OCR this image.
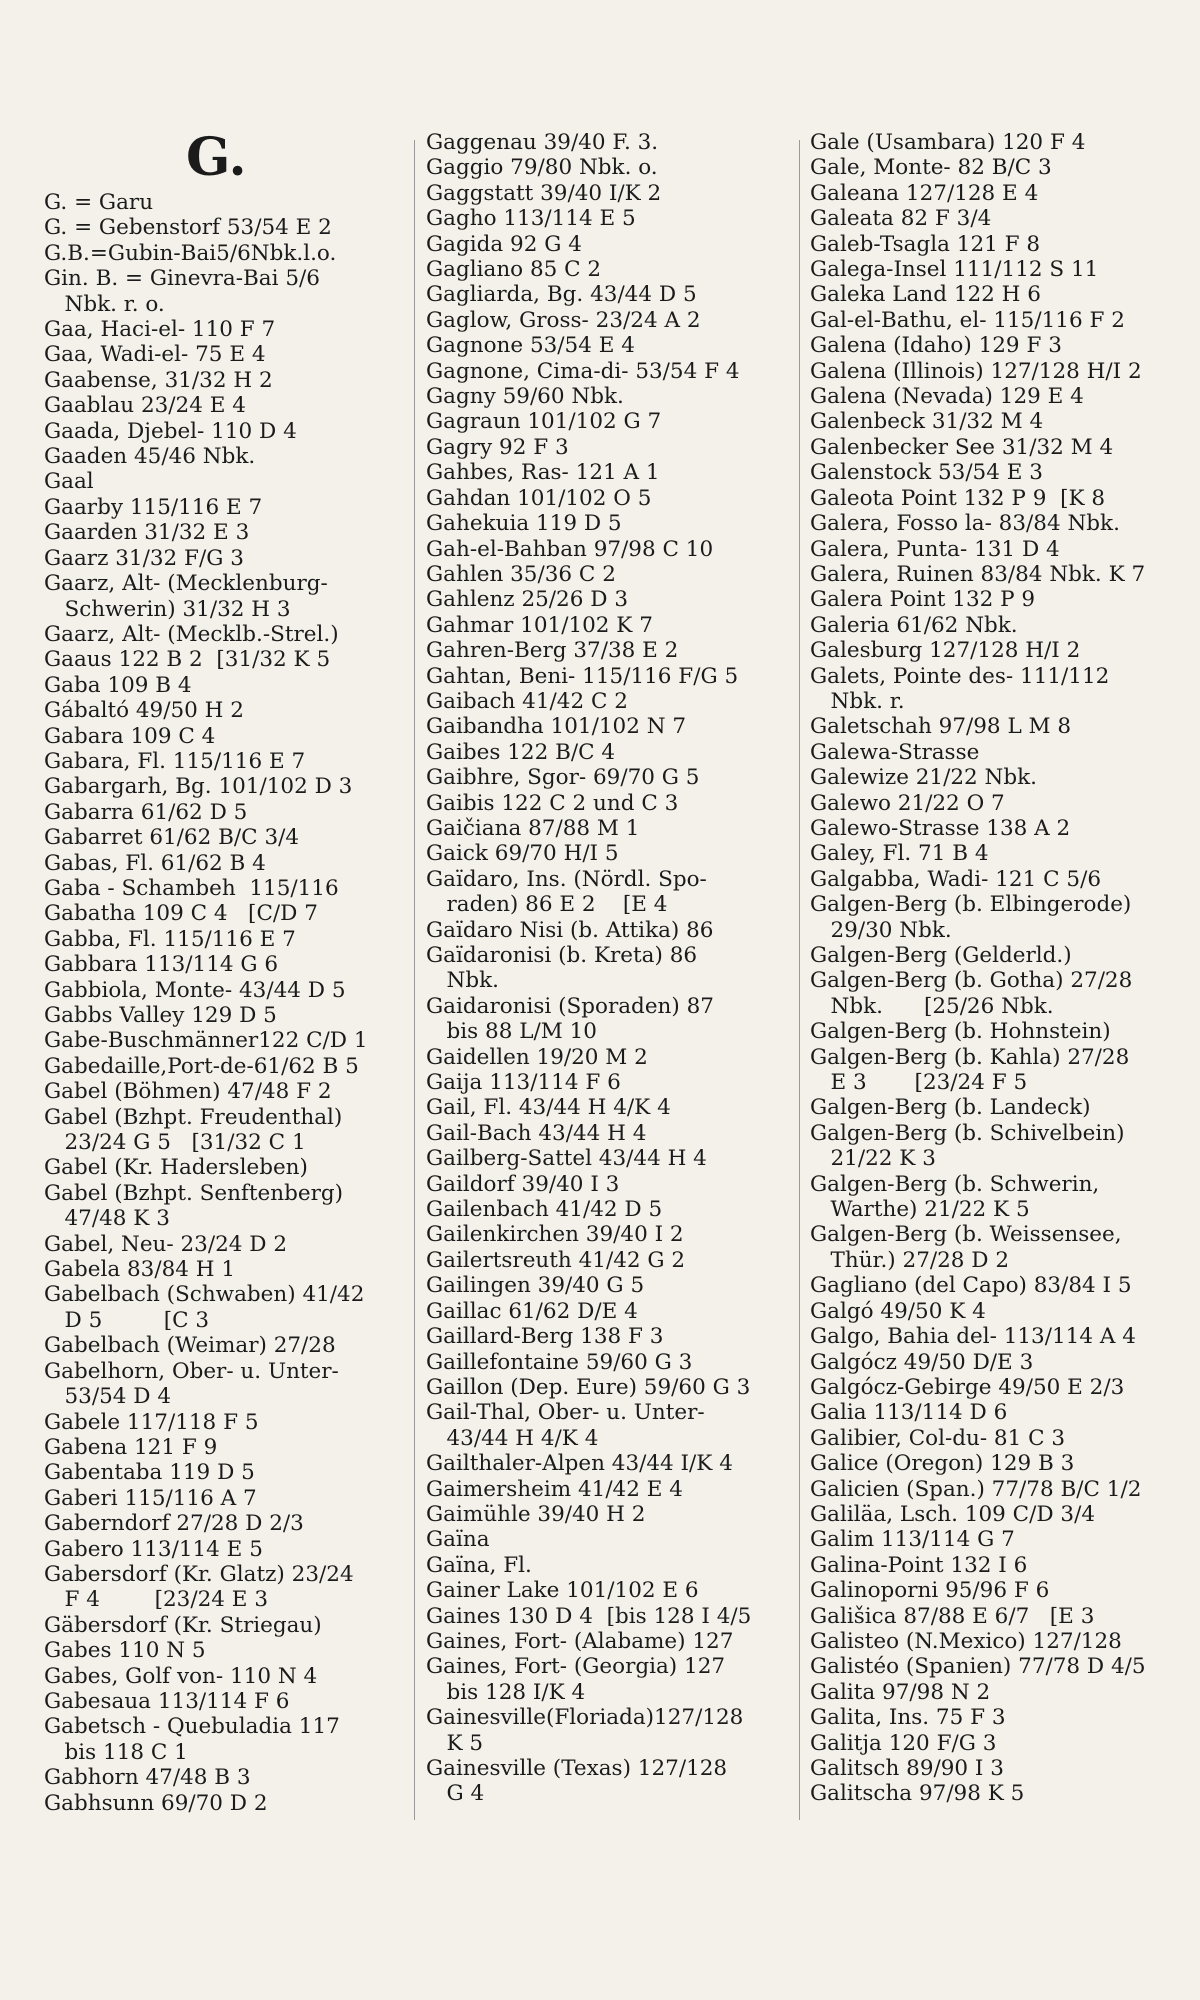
G.
G. = Garu
G. = Gebenstorf 53/54 E 2
G.B.=Gubin-Bai5/6Nbk.l.o.
Gin. B. = Ginevra-Bai 5/6
Nbk. r. o.
Gaa, Haci-el- 110 F 7
Gaa, Wadi-el- 75 E 4
Gaabense, 31/32 H 2
Gaablau 23/24 E 4
Gaada, Djebel- 110 D 4
Gaaden 45/46 Nbk.
Gaal
Gaarby 115/116 E 7
Gaarden 31/32 E 3
Gaarz 31/32 F/G 3
Gaarz, Alt- (Mecklenburg-
Schwerin) 31/32 H 3
Gaarz, Alt- (Mecklb.-Strel.)
Gaaus 122 B 2  [31/32 K 5
Gaba 109 B 4
Gábaltó 49/50 H 2
Gabara 109 C 4
Gabara, Fl. 115/116 E 7
Gabargarh, Bg. 101/102 D 3
Gabarra 61/62 D 5
Gabarret 61/62 B/C 3/4
Gabas, Fl. 61/62 B 4
Gaba - Schambeh  115/116
Gabatha 109 C 4   [C/D 7
Gabba, Fl. 115/116 E 7
Gabbara 113/114 G 6
Gabbiola, Monte- 43/44 D 5
Gabbs Valley 129 D 5
Gabe-Buschmänner122 C/D 1
Gabedaille,Port-de-61/62 B 5
Gabel (Böhmen) 47/48 F 2
Gabel (Bzhpt. Freudenthal)
23/24 G 5   [31/32 C 1
Gabel (Kr. Hadersleben)
Gabel (Bzhpt. Senftenberg)
47/48 K 3
Gabel, Neu- 23/24 D 2
Gabela 83/84 H 1
Gabelbach (Schwaben) 41/42
D 5         [C 3
Gabelbach (Weimar) 27/28
Gabelhorn, Ober- u. Unter-
53/54 D 4
Gabele 117/118 F 5
Gabena 121 F 9
Gabentaba 119 D 5
Gaberi 115/116 A 7
Gaberndorf 27/28 D 2/3
Gabero 113/114 E 5
Gabersdorf (Kr. Glatz) 23/24
F 4        [23/24 E 3
Gäbersdorf (Kr. Striegau)
Gabes 110 N 5
Gabes, Golf von- 110 N 4
Gabesaua 113/114 F 6
Gabetsch - Quebuladia 117
bis 118 C 1
Gabhorn 47/48 B 3
Gabhsunn 69/70 D 2
Gaggenau 39/40 F. 3.
Gaggio 79/80 Nbk. o.
Gaggstatt 39/40 I/K 2
Gagho 113/114 E 5
Gagida 92 G 4
Gagliano 85 C 2
Gagliarda, Bg. 43/44 D 5
Gaglow, Gross- 23/24 A 2
Gagnone 53/54 E 4
Gagnone, Cima-di- 53/54 F 4
Gagny 59/60 Nbk.
Gagraun 101/102 G 7
Gagry 92 F 3
Gahbes, Ras- 121 A 1
Gahdan 101/102 O 5
Gahekuia 119 D 5
Gah-el-Bahban 97/98 C 10
Gahlen 35/36 C 2
Gahlenz 25/26 D 3
Gahmar 101/102 K 7
Gahren-Berg 37/38 E 2
Gahtan, Beni- 115/116 F/G 5
Gaibach 41/42 C 2
Gaibandha 101/102 N 7
Gaibes 122 B/C 4
Gaibhre, Sgor- 69/70 G 5
Gaibis 122 C 2 und C 3
Gaičiana 87/88 M 1
Gaick 69/70 H/I 5
Gaïdaro, Ins. (Nördl. Spo-
raden) 86 E 2    [E 4
Gaïdaro Nisi (b. Attika) 86
Gaïdaronisi (b. Kreta) 86
Nbk.
Gaidaronisi (Sporaden) 87
bis 88 L/M 10
Gaidellen 19/20 M 2
Gaija 113/114 F 6
Gail, Fl. 43/44 H 4/K 4
Gail-Bach 43/44 H 4
Gailberg-Sattel 43/44 H 4
Gaildorf 39/40 I 3
Gailenbach 41/42 D 5
Gailenkirchen 39/40 I 2
Gailertsreuth 41/42 G 2
Gailingen 39/40 G 5
Gaillac 61/62 D/E 4
Gaillard-Berg 138 F 3
Gaillefontaine 59/60 G 3
Gaillon (Dep. Eure) 59/60 G 3
Gail-Thal, Ober- u. Unter-
43/44 H 4/K 4
Gailthaler-Alpen 43/44 I/K 4
Gaimersheim 41/42 E 4
Gaimühle 39/40 H 2
Gaïna
Gaïna, Fl.
Gainer Lake 101/102 E 6
Gaines 130 D 4  [bis 128 I 4/5
Gaines, Fort- (Alabame) 127
Gaines, Fort- (Georgia) 127
bis 128 I/K 4
Gainesville(Floriada)127/128
K 5
Gainesville (Texas) 127/128
G 4
Gale (Usambara) 120 F 4
Gale, Monte- 82 B/C 3
Galeana 127/128 E 4
Galeata 82 F 3/4
Galeb-Tsagla 121 F 8
Galega-Insel 111/112 S 11
Galeka Land 122 H 6
Gal-el-Bathu, el- 115/116 F 2
Galena (Idaho) 129 F 3
Galena (Illinois) 127/128 H/I 2
Galena (Nevada) 129 E 4
Galenbeck 31/32 M 4
Galenbecker See 31/32 M 4
Galenstock 53/54 E 3
Galeota Point 132 P 9  [K 8
Galera, Fosso la- 83/84 Nbk.
Galera, Punta- 131 D 4
Galera, Ruinen 83/84 Nbk. K 7
Galera Point 132 P 9
Galeria 61/62 Nbk.
Galesburg 127/128 H/I 2
Galets, Pointe des- 111/112
Nbk. r.
Galetschah 97/98 L M 8
Galewa-Strasse
Galewize 21/22 Nbk.
Galewo 21/22 O 7
Galewo-Strasse 138 A 2
Galey, Fl. 71 B 4
Galgabba, Wadi- 121 C 5/6
Galgen-Berg (b. Elbingerode)
29/30 Nbk.
Galgen-Berg (Gelderld.)
Galgen-Berg (b. Gotha) 27/28
Nbk.      [25/26 Nbk.
Galgen-Berg (b. Hohnstein)
Galgen-Berg (b. Kahla) 27/28
E 3       [23/24 F 5
Galgen-Berg (b. Landeck)
Galgen-Berg (b. Schivelbein)
21/22 K 3
Galgen-Berg (b. Schwerin,
Warthe) 21/22 K 5
Galgen-Berg (b. Weissensee,
Thür.) 27/28 D 2
Gagliano (del Capo) 83/84 I 5
Galgó 49/50 K 4
Galgo, Bahia del- 113/114 A 4
Galgócz 49/50 D/E 3
Galgócz-Gebirge 49/50 E 2/3
Galia 113/114 D 6
Galibier, Col-du- 81 C 3
Galice (Oregon) 129 B 3
Galicien (Span.) 77/78 B/C 1/2
Galiläa, Lsch. 109 C/D 3/4
Galim 113/114 G 7
Galina-Point 132 I 6
Galinoporni 95/96 F 6
Gališica 87/88 E 6/7   [E 3
Galisteo (N.Mexico) 127/128
Galistéo (Spanien) 77/78 D 4/5
Galita 97/98 N 2
Galita, Ins. 75 F 3
Galitja 120 F/G 3
Galitsch 89/90 I 3
Galitscha 97/98 K 5
